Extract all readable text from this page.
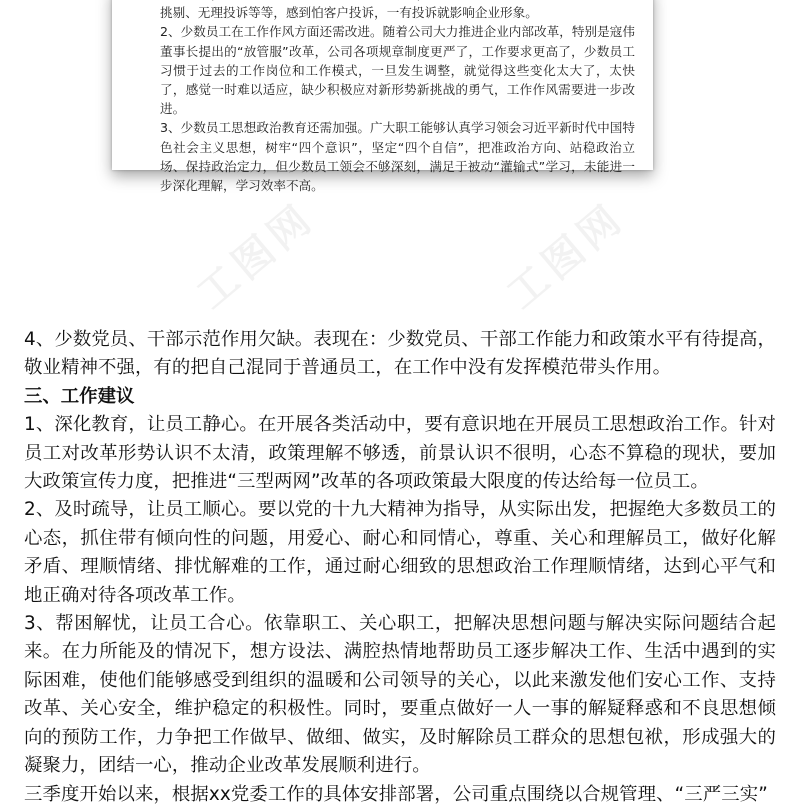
挑剔、无理投诉等等，感到怕客户投诉，一有投诉就影响企业形象。

2、少数员工在工作作风方面还需改进。随着公司大力推进企业内部改革，特别是寇伟董事长提出的“放管服”改革，公司各项规章制度更严了，工作要求更高了，少数员工习惯于过去的工作岗位和工作模式，一旦发生调整，就觉得这些变化太大了，太快了，感觉一时难以适应，缺少积极应对新形势新挑战的勇气，工作作风需要进一步改进。

3、少数员工思想政治教育还需加强。广大职工能够认真学习领会习近平新时代中国特色社会主义思想，树牢“四个意识”，坚定“四个自信”，把准政治方向、站稳政治立场、保持政治定力，但少数员工领会不够深刻，满足于被动“灌输式”学习，未能进一步深化理解，学习效率不高。

工图网	工图网

4、少数党员、干部示范作用欠缺。表现在：少数党员、干部工作能力和政策水平有待提高，敬业精神不强，有的把自己混同于普通员工，在工作中没有发挥模范带头作用。

三、工作建议

1、深化教育，让员工静心。在开展各类活动中，要有意识地在开展员工思想政治工作。针对员工对改革形势认识不太清，政策理解不够透，前景认识不很明，心态不算稳的现状，要加大政策宣传力度，把推进“三型两网”改革的各项政策最大限度的传达给每一位员工。

2、及时疏导，让员工顺心。要以党的十九大精神为指导，从实际出发，把握绝大多数员工的心态，抓住带有倾向性的问题，用爱心、耐心和同情心，尊重、关心和理解员工，做好化解矛盾、理顺情绪、排忧解难的工作，通过耐心细致的思想政治工作理顺情绪，达到心平气和地正确对待各项改革工作。

3、帮困解忧，让员工合心。依靠职工、关心职工，把解决思想问题与解决实际问题结合起来。在力所能及的情况下，想方设法、满腔热情地帮助员工逐步解决工作、生活中遇到的实际困难，使他们能够感受到组织的温暖和公司领导的关心，以此来激发他们安心工作、支持改革、关心安全，维护稳定的积极性。同时，要重点做好一人一事的解疑释惑和不良思想倾向的预防工作，力争把工作做早、做细、做实，及时解除员工群众的思想包袱，形成强大的凝聚力，团结一心，推动企业改革发展顺利进行。

三季度开始以来，根据xx党委工作的具体安排部署，公司重点围绕以合规管理、“三严三实”
